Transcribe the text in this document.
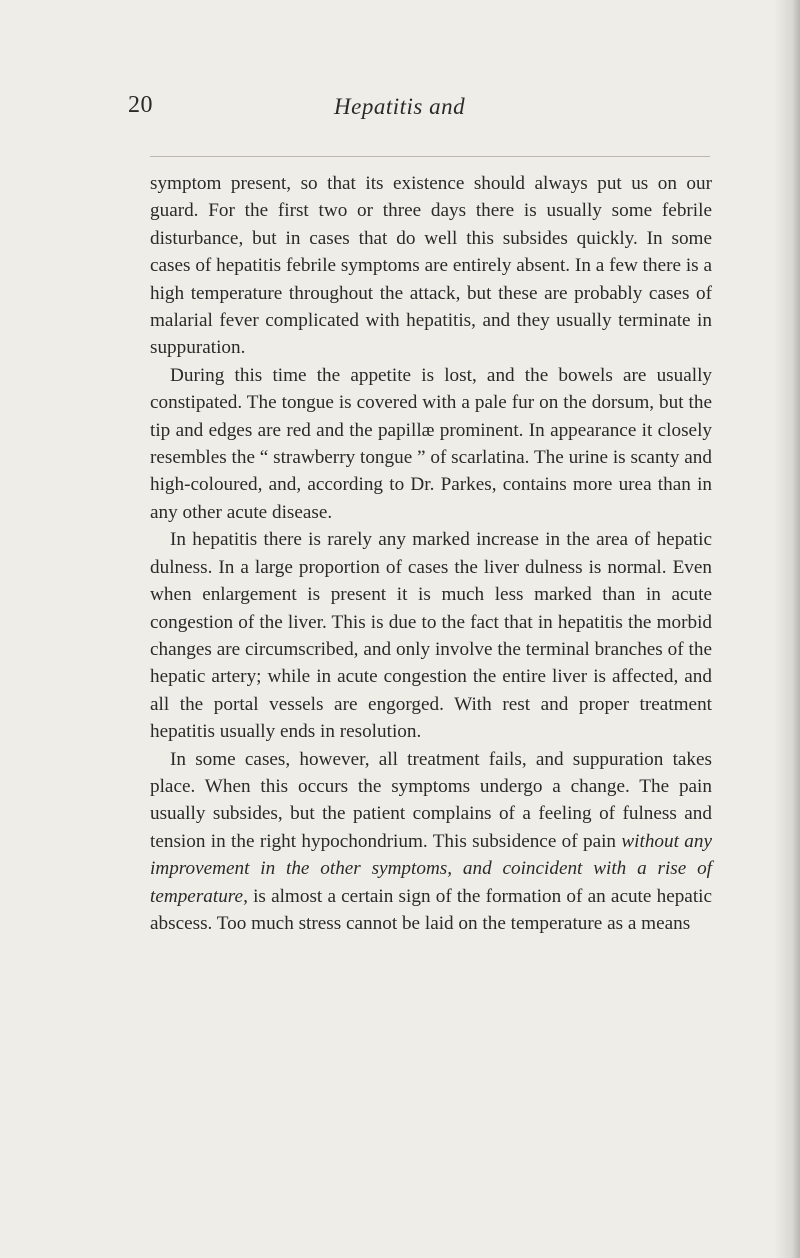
20	Hepatitis and

symptom present, so that its existence should always put us on our guard. For the first two or three days there is usually some febrile disturbance, but in cases that do well this subsides quickly. In some cases of hepatitis febrile symptoms are entirely absent. In a few there is a high temperature throughout the attack, but these are probably cases of malarial fever complicated with hepatitis, and they usually terminate in suppuration.

During this time the appetite is lost, and the bowels are usually constipated. The tongue is covered with a pale fur on the dorsum, but the tip and edges are red and the papillæ prominent. In appearance it closely resembles the “ strawberry tongue ” of scarlatina. The urine is scanty and high-coloured, and, according to Dr. Parkes, contains more urea than in any other acute disease.

In hepatitis there is rarely any marked increase in the area of hepatic dulness. In a large proportion of cases the liver dulness is normal. Even when enlargement is present it is much less marked than in acute congestion of the liver. This is due to the fact that in hepatitis the morbid changes are circumscribed, and only involve the terminal branches of the hepatic artery; while in acute congestion the entire liver is affected, and all the portal vessels are engorged. With rest and proper treatment hepatitis usually ends in resolution.

In some cases, however, all treatment fails, and suppuration takes place. When this occurs the symptoms undergo a change. The pain usually subsides, but the patient complains of a feeling of fulness and tension in the right hypochondrium. This subsidence of pain without any improvement in the other symptoms, and coincident with a rise of temperature, is almost a certain sign of the formation of an acute hepatic abscess. Too much stress cannot be laid on the temperature as a means
